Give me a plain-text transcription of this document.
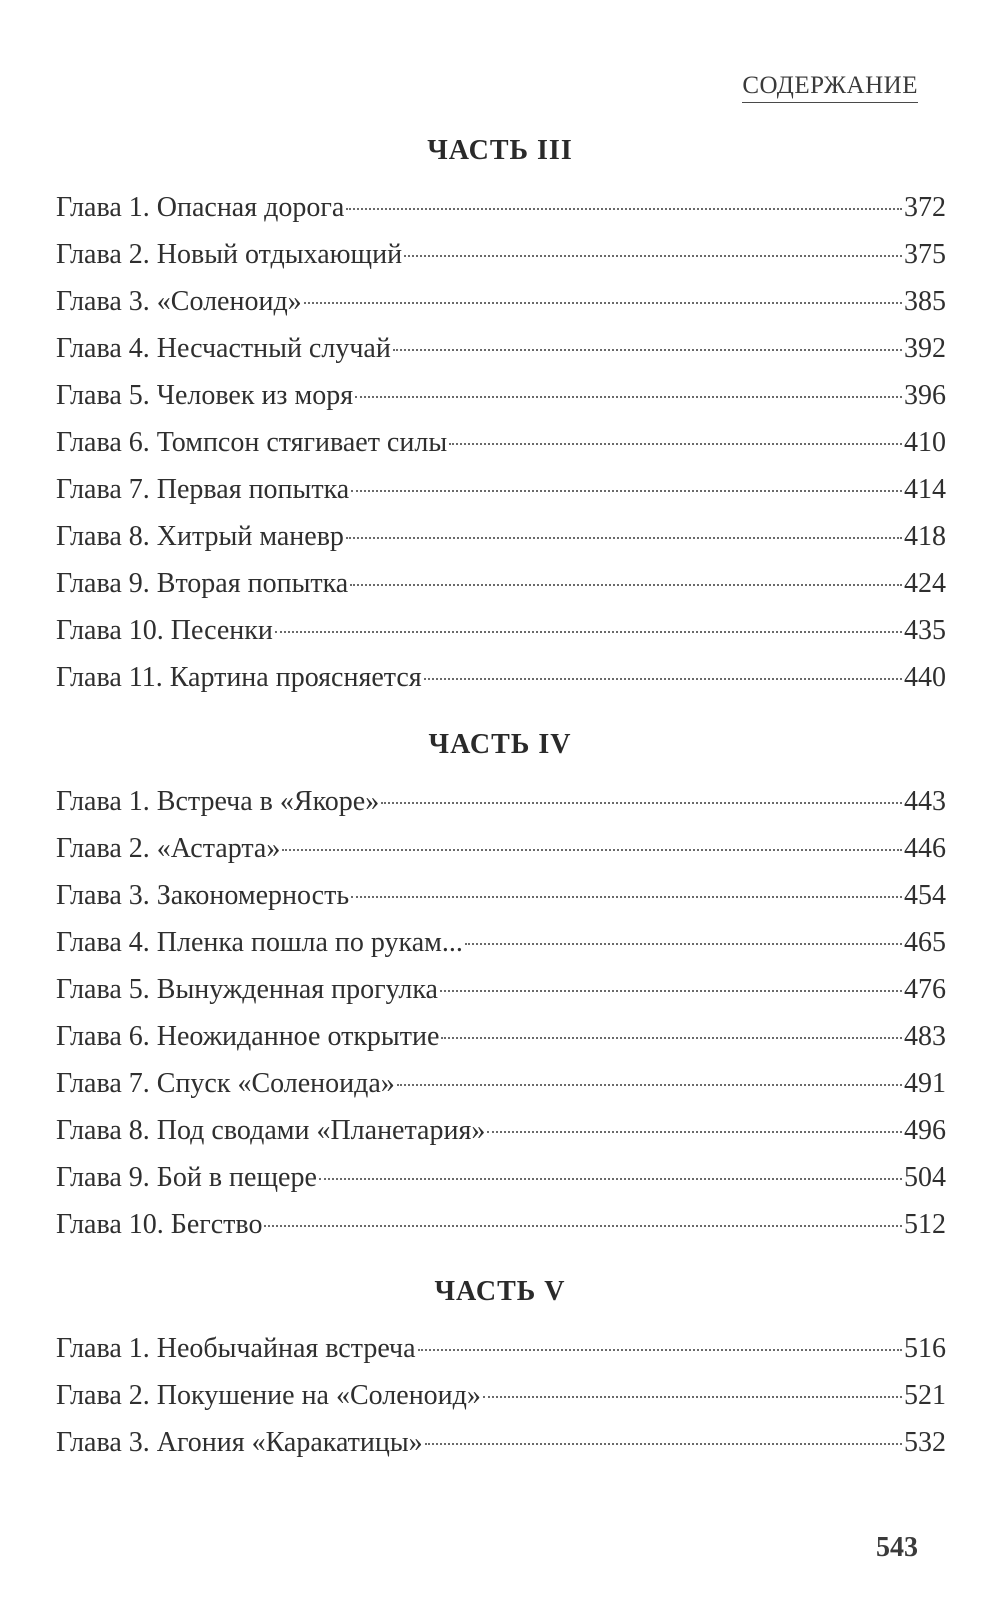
СОДЕРЖАНИЕ
ЧАСТЬ III
Глава 1. Опасная дорога	372
Глава 2. Новый отдыхающий	375
Глава 3. «Соленоид»	385
Глава 4. Несчастный случай	392
Глава 5. Человек из моря	396
Глава 6. Томпсон стягивает силы	410
Глава 7. Первая попытка	414
Глава 8. Хитрый маневр	418
Глава 9. Вторая попытка	424
Глава 10. Песенки	435
Глава 11. Картина проясняется	440
ЧАСТЬ IV
Глава 1. Встреча в «Якоре»	443
Глава 2. «Астарта»	446
Глава 3. Закономерность	454
Глава 4. Пленка пошла по рукам...	465
Глава 5. Вынужденная прогулка	476
Глава 6. Неожиданное открытие	483
Глава 7. Спуск «Соленоида»	491
Глава 8. Под сводами «Планетария»	496
Глава 9. Бой в пещере	504
Глава 10. Бегство	512
ЧАСТЬ V
Глава 1. Необычайная встреча	516
Глава 2. Покушение на «Соленоид»	521
Глава 3. Агония «Каракатицы»	532
543
